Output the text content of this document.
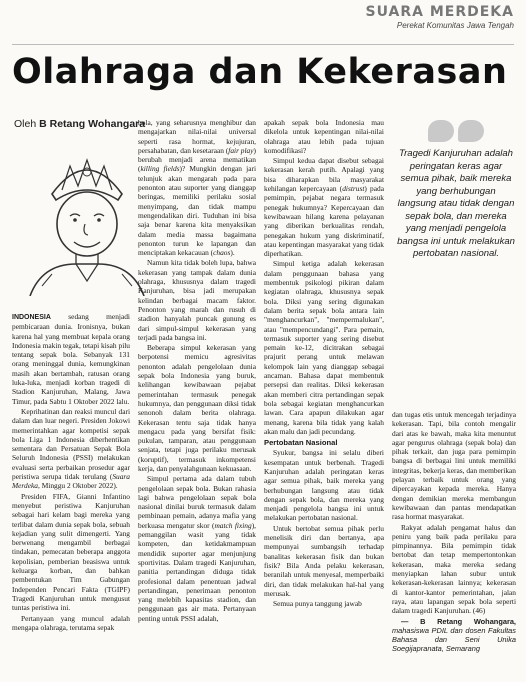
SUARA MERDEKA
Perekat Komunitas Jawa Tengah
Olahraga dan Kekerasan
Oleh B Retang Wohangara

INDONESIA sedang menjadi pembicaraan dunia. Ironisnya, bukan karena hal yang membuat kepala orang Indonesia makin tegak, tetapi kisah pilu tentang sepak bola. Sebanyak 131 orang meninggal dunia, kemungkinan masih akan bertambah, ratusan orang luka-luka, menjadi korban tragedi di Stadion Kanjuruhan, Malang, Jawa Timur, pada Sabtu 1 Oktober 2022 lalu.

Keprihatinan dan reaksi muncul dari dalam dan luar negeri. Presiden Jokowi memerintahkan agar kompetisi sepak bola Liga 1 Indonesia diberhentikan sementara dan Persatuan Sepak Bola Seluruh Indonesia (PSSI) melakukan evaluasi serta perbaikan prosedur agar peristiwa serupa tidak terulang (Suara Merdeka, Minggu 2 Oktober 2022).

Presiden FIFA, Gianni Infantino menyebut peristiwa Kanjuruhan sebagai hari kelam bagi mereka yang terlibat dalam dunia sepak bola, sebuah kejadian yang sulit dimengerti. Yang berwenang mengambil berbagai tindakan, pemecatan beberapa anggota kepolisian, pemberian beasiswa untuk keluarga korban, dan bahkan pembentukan Tim Gabungan Independen Pencari Fakta (TGIPF) Tragedi Kanjuruhan untuk mengusut tuntas peristiwa ini.

Pertanyaan yang muncul adalah mengapa olahraga, terutama sepak

bola, yang seharusnya menghibur dan mengajarkan nilai-nilai universal seperti rasa hormat, kejujuran, persahabatan, dan kesetaraan (fair play) berubah menjadi arena mematikan (killing fields)? Mungkin dengan jari telunjuk akan mengarah pada para penonton atau suporter yang dianggap beringas, memiliki perilaku sosial menyimpang, dan tidak mampu mengendalikan diri. Tuduhan ini bisa saja benar karena kita menyaksikan dalam media massa bagaimana penonton turun ke lapangan dan menciptakan kekacauan (chaos).

Namun kita tidak boleh lupa, bahwa kekerasan yang tampak dalam dunia olahraga, khususnya dalam tragedi Kanjuruhan, bisa jadi merupakan kelindan berbagai macam faktor. Penonton yang marah dan rusuh di stadion hanyalah puncak gunung es dari simpul-simpul kekerasan yang terjadi pada bangsa ini.

Beberapa simpul kekerasan yang berpotensi memicu agresivitas penonton adalah pengelolaan dunia sepak bola Indonesia yang buruk, kelihangan kewibawaan pejabat pemerintahan termasuk penegak hukumnya, dan penggunaan diksi tidak senonoh dalam berita olahraga. Kekerasan tentu saja tidak hanya mengacu pada yang bersifat fisik: pukulan, tamparan, atau penggunaan senjata, tetapi juga perilaku merusak (koruptif), termasuk inkompetensi kerja, dan penyalahgunaan kekuasaan.

Simpul pertama ada dalam tubuh pengelolaan sepak bola. Bukan rahasia lagi bahwa pengelolaan sepak bola nasional dinilai buruk termasuk dalam pembinaan pemain, adanya mafia yang berkuasa mengatur skor (match fixing), pemanggilan wasit yang tidak kompeten, dan ketidakmampuan mendidik suporter agar menjunjung sportivitas. Dalam tragedi Kanjuruhan, panitia pertandingan diduga tidak profesional dalam penentuan jadwal pertandingan, penerimaan penonton yang melebih kapasitas stadion, dan penggunaan gas air mata. Pertanyaan penting untuk PSSI adalah,

apakah sepak bola Indonesia mau dikelola untuk kepentingan nilai-nilai olahraga atau lebih pada tujuan komodifikasi?

Simpul kedua dapat disebut sebagai kekerasan kerah putih. Apalagi yang bisa diharapkan bila masyarakat kehilangan kepercayaan (distrust) pada pemimpin, pejabat negara termasuk penegak hukumnya? Kepercayaan dan kewibawaan hilang karena pelayanan yang diberikan berkualitas rendah, penegakan hukum yang diskriminatif, atau kepentingan masyarakat yang tidak diperhatikan.

Simpul ketiga adalah kekerasan dalam penggunaan bahasa yang membentuk psikologi pikiran dalam kegiatan olahraga, khususnya sepak bola. Diksi yang sering digunakan dalam berita sepak bola antara lain "menghancurkan", "mempermalukan", atau "mempencundangi". Para pemain, termasuk suporter yang sering disebut pemain ke-12, dicitrakan sebagai prajurit perang untuk melawan kelompok lain yang dianggap sebagai ancaman. Bahasa dapat membentuk persepsi dan realitas. Diksi kekerasan akan memberi citra pertandingan sepak bola sebagai kegiatan menghancurkan lawan. Cara apapun dilakukan agar menang, karena bila tidak yang kalah akan malu dan jadi pecundang.

Pertobatan Nasional

Syukur, bangsa ini selalu diberi kesempatan untuk berbenah. Tragedi Kanjuruhan adalah peringatan keras agar semua pihak, baik mereka yang berhubungan langsung atau tidak dengan sepak bola, dan mereka yang menjadi pengelola bangsa ini untuk melakukan pertobatan nasional.

Untuk bertobat semua pihak perlu menelisik diri dan bertanya, apa mempunyai sumbangsih terhadap banalitas kekerasan fisik dan bukan fisik? Bila Anda pelaku kekerasan, beranilah untuk menyesal, memperbaiki diri, dan tidak melakukan hal-hal yang merusak.

Semua punya tanggung jawab

Tragedi Kanjuruhan adalah peringatan keras agar semua pihak, baik mereka yang berhubungan langsung atau tidak dengan sepak bola, dan mereka yang menjadi pengelola bangsa ini untuk melakukan pertobatan nasional.

dan tugas etis untuk mencegah terjadinya kekerasan. Tapi, bila contoh mengalir dari atas ke bawah, maka kita menuntut agar pengurus olahraga (sepak bola) dan pihak terkait, dan juga para pemimpin bangsa di berbagai lini untuk memiliki integritas, bekerja keras, dan memberikan pelayan terbaik untuk orang yang dipercayakan kepada mereka. Hanya dengan demikian mereka membangun kewibawaan dan pantas mendapatkan rasa hormat masyarakat.

Rakyat adalah pengamat halus dan peniru yang baik pada perilaku para pimpinannya. Bila pemimpin tidak bertobat dan tetap mempertontonkan kekerasan, maka mereka sedang menyiapkan lahan subur untuk kekerasan-kekerasan lainnya; kekerasan di kantor-kantor pemerintahan, jalan raya, atau lapangan sepak bola seperti dalam tragedi Kanjuruhan. (46)

— B Retang Wohangara, mahasiswa PDIL dan dosen Fakultas Bahasa dan Seni Unika Soegijapranata, Semarang
